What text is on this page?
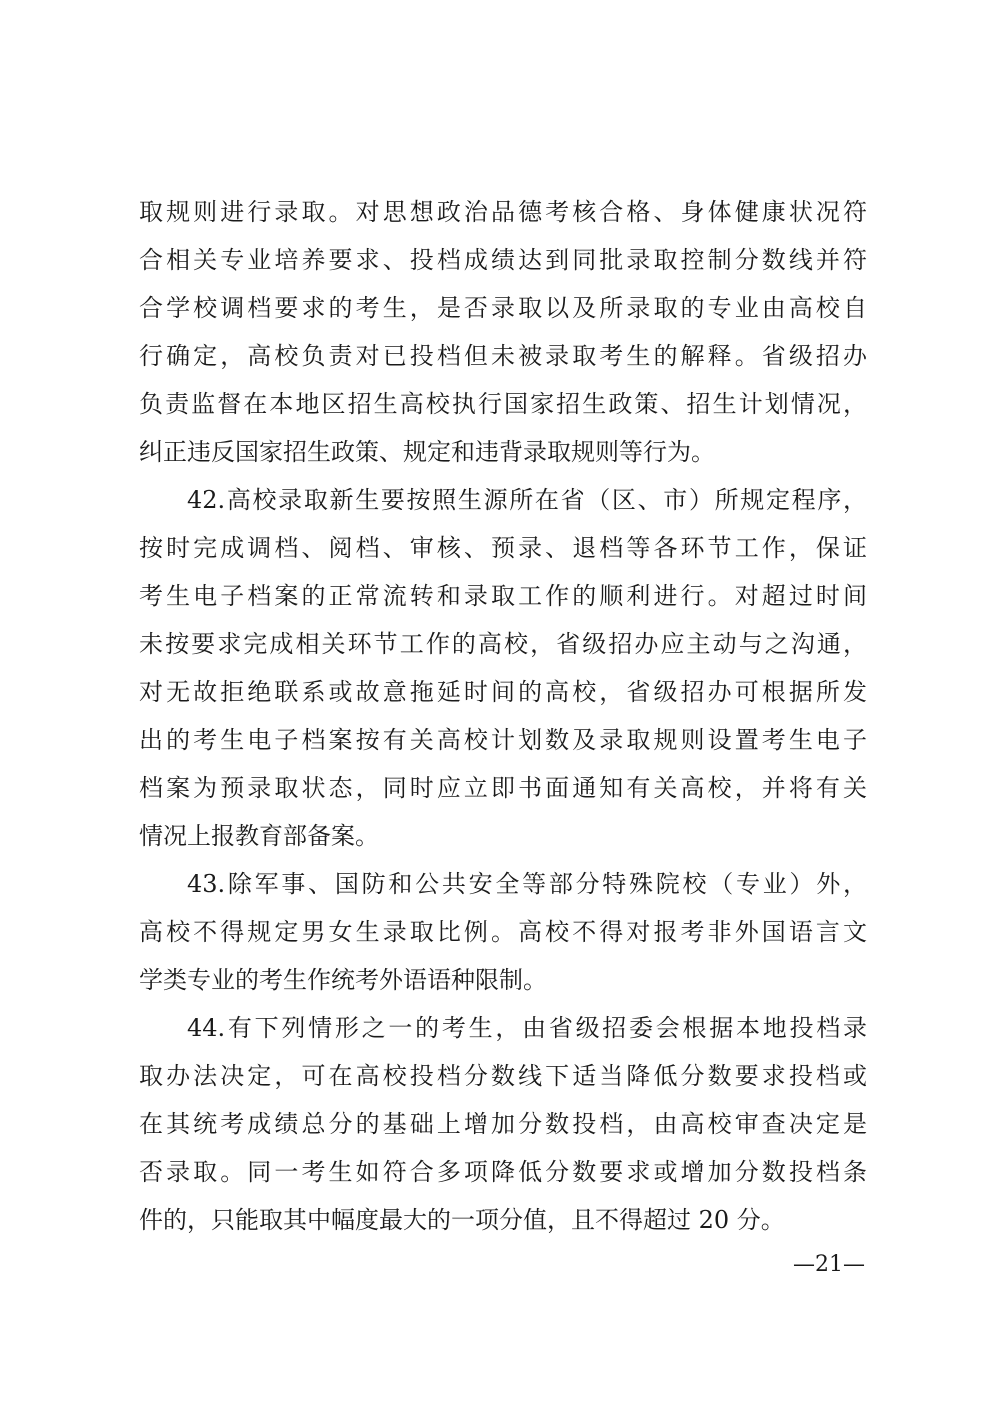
取规则进行录取。对思想政治品德考核合格、身体健康状况符
合相关专业培养要求、投档成绩达到同批录取控制分数线并符
合学校调档要求的考生，是否录取以及所录取的专业由高校自
行确定，高校负责对已投档但未被录取考生的解释。省级招办
负责监督在本地区招生高校执行国家招生政策、招生计划情况，
纠正违反国家招生政策、规定和违背录取规则等行为。
42.高校录取新生要按照生源所在省（区、市）所规定程序，
按时完成调档、阅档、审核、预录、退档等各环节工作，保证
考生电子档案的正常流转和录取工作的顺利进行。对超过时间
未按要求完成相关环节工作的高校，省级招办应主动与之沟通，
对无故拒绝联系或故意拖延时间的高校，省级招办可根据所发
出的考生电子档案按有关高校计划数及录取规则设置考生电子
档案为预录取状态，同时应立即书面通知有关高校，并将有关
情况上报教育部备案。
43.除军事、国防和公共安全等部分特殊院校（专业）外，
高校不得规定男女生录取比例。高校不得对报考非外国语言文
学类专业的考生作统考外语语种限制。
44.有下列情形之一的考生，由省级招委会根据本地投档录
取办法决定，可在高校投档分数线下适当降低分数要求投档或
在其统考成绩总分的基础上增加分数投档，由高校审查决定是
否录取。同一考生如符合多项降低分数要求或增加分数投档条
件的，只能取其中幅度最大的一项分值，且不得超过 20 分。
—21—
